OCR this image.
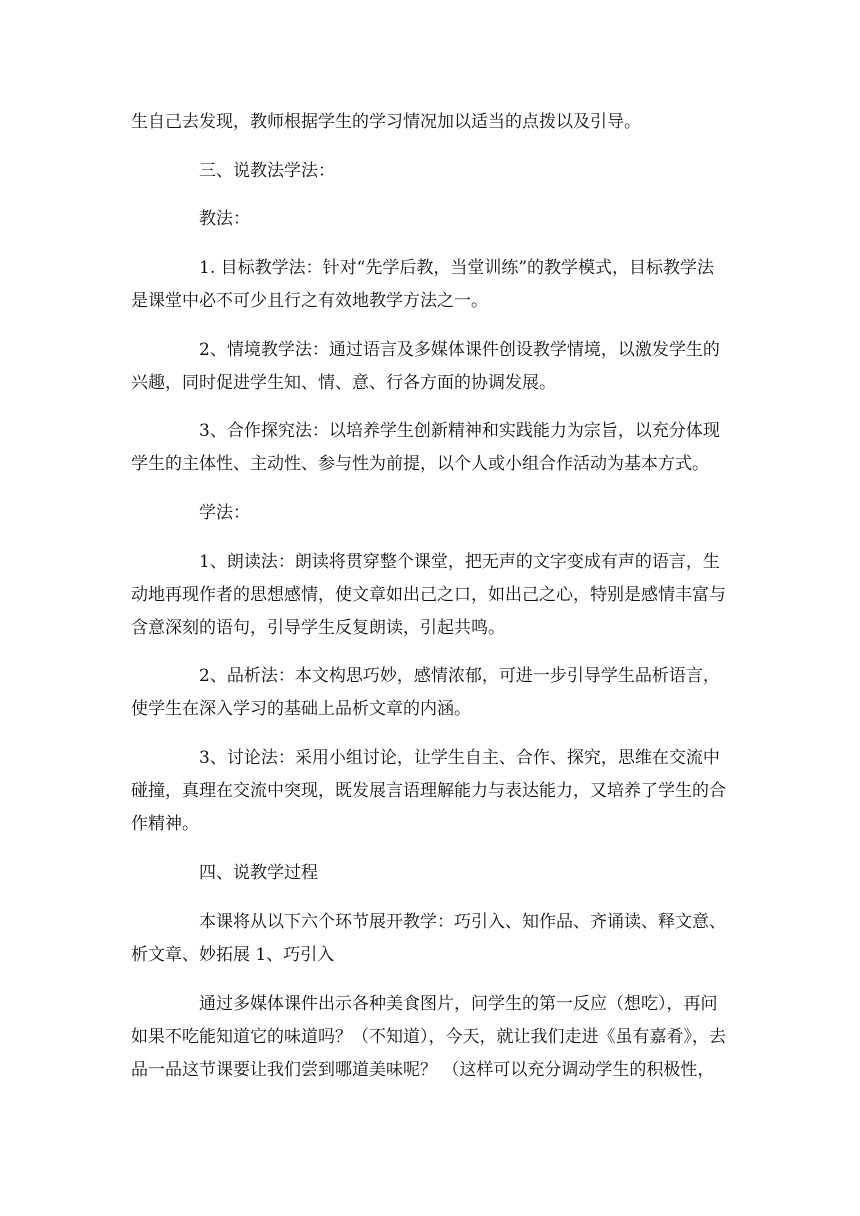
生自己去发现，教师根据学生的学习情况加以适当的点拨以及引导。
三、说教法学法：
教法：
1. 目标教学法：针对“先学后教，当堂训练”的教学模式，目标教学法
是课堂中必不可少且行之有效地教学方法之一。
2、情境教学法：通过语言及多媒体课件创设教学情境，以激发学生的
兴趣，同时促进学生知、情、意、行各方面的协调发展。
3、合作探究法：以培养学生创新精神和实践能力为宗旨，以充分体现
学生的主体性、主动性、参与性为前提，以个人或小组合作活动为基本方式。
学法：
1、朗读法：朗读将贯穿整个课堂，把无声的文字变成有声的语言，生
动地再现作者的思想感情，使文章如出己之口，如出己之心，特别是感情丰富与
含意深刻的语句，引导学生反复朗读，引起共鸣。
2、品析法：本文构思巧妙，感情浓郁，可进一步引导学生品析语言，
使学生在深入学习的基础上品析文章的内涵。
3、讨论法：采用小组讨论，让学生自主、合作、探究，思维在交流中
碰撞，真理在交流中突现，既发展言语理解能力与表达能力，又培养了学生的合
作精神。
四、说教学过程
本课将从以下六个环节展开教学：巧引入、知作品、齐诵读、释文意、
析文章、妙拓展 1、巧引入
通过多媒体课件出示各种美食图片，问学生的第一反应（想吃），再问
如果不吃能知道它的味道吗？（不知道），今天，就让我们走进《虽有嘉肴》，去
品一品这节课要让我们尝到哪道美味呢？ （这样可以充分调动学生的积极性，
